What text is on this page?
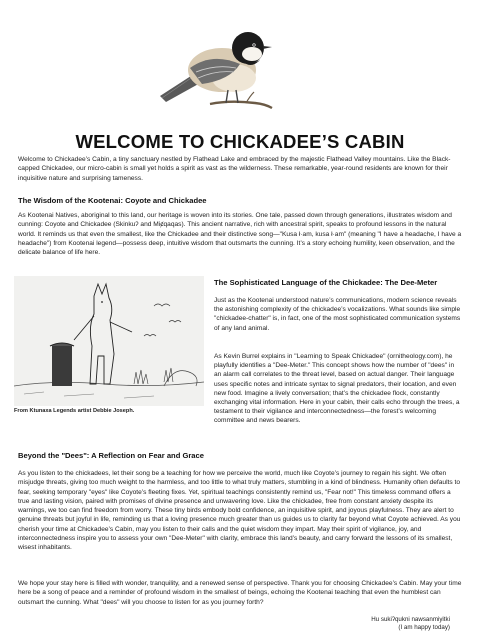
WELCOME TO CHICKADEE’S CABIN

Welcome to Chickadee’s Cabin, a tiny sanctuary nestled by Flathead Lake and embraced by the majestic Flathead Valley mountains. Like the Black-capped Chickadee, our micro-cabin is small yet holds a spirit as vast as the wilderness. These remarkable, year-round residents are known for their inquisitive nature and surprising tameness.

The Wisdom of the Kootenai: Coyote and Chickadee

As Kootenai Natives, aboriginal to this land, our heritage is woven into its stories. One tale, passed down through generations, illustrates wisdom and cunning: Coyote and Chickadee (Skinkuʔ and Miȼqaqas). This ancient narrative, rich with ancestral spirit, speaks to profound lessons in the natural world. It reminds us that even the smallest, like the Chickadee and their distinctive song—"Kusa ł·am, kusa ł·am" (meaning "I have a headache, I have a headache") from Kootenai legend—possess deep, intuitive wisdom that outsmarts the cunning. It’s a story echoing humility, keen observation, and the delicate balance of life here.

From Ktunaxa Legends artist Debbie Joseph.

The Sophisticated Language of the Chickadee: The Dee-Meter

Just as the Kootenai understood nature’s communications, modern science reveals the astonishing complexity of the chickadee’s vocalizations. What sounds like simple "chickadee-chatter" is, in fact, one of the most sophisticated communication systems of any land animal.

As Kevin Burrel explains in "Learning to Speak Chickadee" (ornitheology.com), he playfully identifies a "Dee-Meter." This concept shows how the number of "dees" in an alarm call correlates to the threat level, based on actual danger. Their language uses specific notes and intricate syntax to signal predators, their location, and even new food. Imagine a lively conversation; that’s the chickadee flock, constantly exchanging vital information. Here in your cabin, their calls echo through the trees, a testament to their vigilance and interconnectedness—the forest’s welcoming committee and news bearers.

Beyond the "Dees": A Reflection on Fear and Grace

As you listen to the chickadees, let their song be a teaching for how we perceive the world, much like Coyote’s journey to regain his sight. We often misjudge threats, giving too much weight to the harmless, and too little to what truly matters, stumbling in a kind of blindness. Humanity often defaults to fear, seeking temporary "eyes" like Coyote’s fleeting fixes. Yet, spiritual teachings consistently remind us, "Fear not!" This timeless command offers a true and lasting vision, paired with promises of divine presence and unwavering love. Like the chickadee, free from constant anxiety despite its warnings, we too can find freedom from worry. These tiny birds embody bold confidence, an inquisitive spirit, and joyous playfulness. They are alert to genuine threats but joyful in life, reminding us that a loving presence much greater than us guides us to clarity far beyond what Coyote achieved. As you cherish your time at Chickadee’s Cabin, may you listen to their calls and the quiet wisdom they impart. May their spirit of vigilance, joy, and interconnectedness inspire you to assess your own "Dee-Meter" with clarity, embrace this land’s beauty, and carry forward the lessons of its smallest, wisest inhabitants.

We hope your stay here is filled with wonder, tranquility, and a renewed sense of perspective. Thank you for choosing Chickadee’s Cabin. May your time here be a song of peace and a reminder of profound wisdom in the smallest of beings, echoing the Kootenai teaching that even the humblest can outsmart the cunning. What "dees" will you choose to listen for as you journey forth?

Hu sukiʔqukni nawsanmiyitki
(I am happy today)
